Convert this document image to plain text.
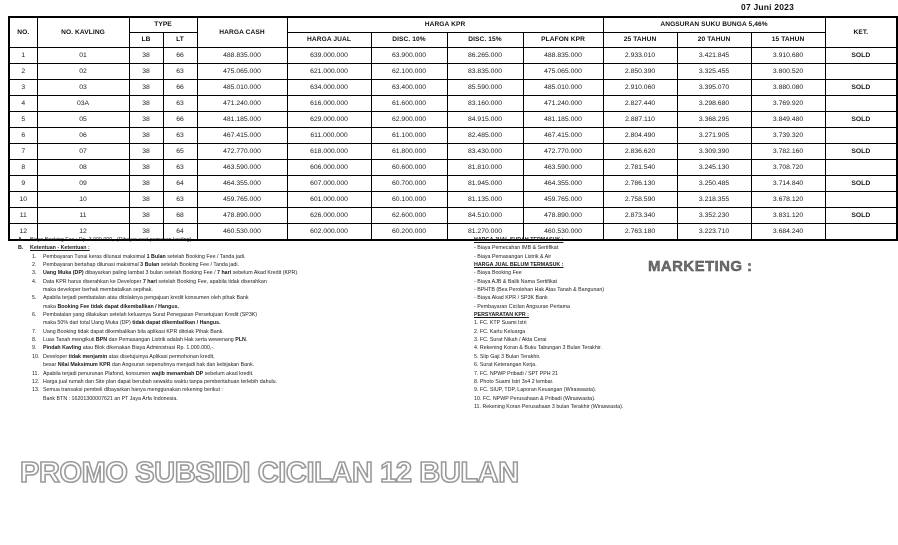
07 Juni 2023
NO.	NO. KAVLING	TYPE		HARGA CASH	HARGA KPR				ANGSURAN SUKU BUNGA 5,46%			KET.
		LB	LT		HARGA JUAL	DISC. 10%	DISC. 15%	PLAFON KPR	25 TAHUN	20 TAHUN	15 TAHUN	
1	01	38	66	488.835.000	639.000.000	63.900.000	86.265.000	488.835.000	2.933.010	3.421.845	3.910.680	SOLD
2	02	38	63	475.065.000	621.000.000	62.100.000	83.835.000	475.065.000	2.850.390	3.325.455	3.800.520	
3	03	38	66	485.010.000	634.000.000	63.400.000	85.590.000	485.010.000	2.910.060	3.395.070	3.880.080	SOLD
4	03A	38	63	471.240.000	616.000.000	61.600.000	83.160.000	471.240.000	2.827.440	3.298.680	3.769.920	
5	05	38	66	481.185.000	629.000.000	62.900.000	84.915.000	481.185.000	2.887.110	3.368.295	3.849.480	SOLD
6	06	38	63	467.415.000	611.000.000	61.100.000	82.485.000	467.415.000	2.804.490	3.271.905	3.739.320	
7	07	38	65	472.770.000	618.000.000	61.800.000	83.430.000	472.770.000	2.836.620	3.309.390	3.782.160	SOLD
8	08	38	63	463.590.000	606.000.000	60.600.000	81.810.000	463.590.000	2.781.540	3.245.130	3.708.720	
9	09	38	64	464.355.000	607.000.000	60.700.000	81.945.000	464.355.000	2.786.130	3.250.485	3.714.840	SOLD
10	10	38	63	459.765.000	601.000.000	60.100.000	81.135.000	459.765.000	2.758.590	3.218.355	3.678.120	
11	11	38	68	478.890.000	626.000.000	62.600.000	84.510.000	478.890.000	2.873.340	3.352.230	3.831.120	SOLD
12	12	38	64	460.530.000	602.000.000	60.200.000	81.270.000	460.530.000	2.763.180	3.223.710	3.684.240	
A.	Biaya Booking Fee : Rp. 3.000.000,- (Dibayar saat pemesan kavling).
B.	Ketentuan - Ketentuan :
1.	Pembayaran Tunai keras dilunasi maksimal 1 Bulan setelah Booking Fee / Tanda jadi.
2.	Pembayaran bertahap dilunasi maksimal 3 Bulan setelah Booking Fee / Tanda jadi.
3.	Uang Muka (DP) dibayarkan paling lambat 3 bulan setelah Booking Fee / 7 hari sebelum Akad Kredit (KPR).
4.	Data KPR harus diserahkan ke Developer 7 hari setelah Booking Fee, apabila tidak diserahkan
maka developer berhak membatalkan sepihak.
5.	Apabila terjadi pembatalan atau ditolaknya pengajuan kredit konsumen oleh pihak Bank
maka Booking Fee tidak dapat dikembalikan / Hangus.
6.	Pembatalan yang dilakukan setelah keluarnya Surat Penegasan Persetujuan Kredit (SP3K)
maka 50% dari total Uang Muka (DP) tidak dapat dikembalikan / Hangus.
7.	Uang Booking tidak dapat dikembalikan bila aplikasi KPR ditolak Pihak Bank.
8.	Luas Tanah mengikuti BPN dan Pemasangan Listrik adalah Hak serta wewenang PLN.
9.	Pindah Kavling atau Blok dikenakan Biaya Administrasi Rp. 1.000.000,-.
10. Developer tidak menjamin atas disetujuinya Aplikasi permohonan kredit,
besar Nilai Maksimum KPR dan Angsuran sepenuhnya menjadi hak dan kebijakan Bank.
11. Apabila terjadi penurunan Plafond, konsumen wajib menambah DP sebelum akad kredit.
12. Harga jual rumah dan Site plan dapat berubah sewaktu waktu tanpa pemberitahuan terlebih dahulu.
13. Semua transaksi pembeli dibayarkan hanya menggunakan rekening berikut :
Bank BTN : 16201300007621 an PT Jaya Arfa Indonesia.
HARGA JUAL SUDAH TERMASUK :
- Biaya Pemecahan IMB & Sertifikat
- Biaya Pemasangan Listrik & Air
HARGA JUAL BELUM TERMASUK :
- Biaya Booking Fee
- Biaya AJB & Balik Nama Sertifikat
- BPHTB (Bea Perolehan Hak Atas Tanah & Bangunan)
- Biaya Akad KPR / SP3K Bank
- Pembayaran Cicilan Angsuran Pertama
PERSYARATAN KPR :
1. FC. KTP Suami Istri
2. FC. Kartu Keluarga
3. FC. Surat Nikah / Akta Cerai
4. Rekening Koran & Buku Tabungan 3 Bulan Terakhir.
5. Slip Gaji 3 Bulan Terakhir.
6. Surat Keterangan Kerja.
7. FC. NPWP Pribadi / SPT PPH 21
8. Photo Suami Istri 3x4 2 lembar.
9. FC. SIUP, TDP, Laporan Keuangan (Wiraswasta).
10. FC. NPWP Perusahaan & Pribadi (Wiraswasta).
11. Rekening Koran Perusahaan 3 bulan Terakhir (Wiraswasta).
MARKETING :
PROMO SUBSIDI CICILAN 12 BULAN
